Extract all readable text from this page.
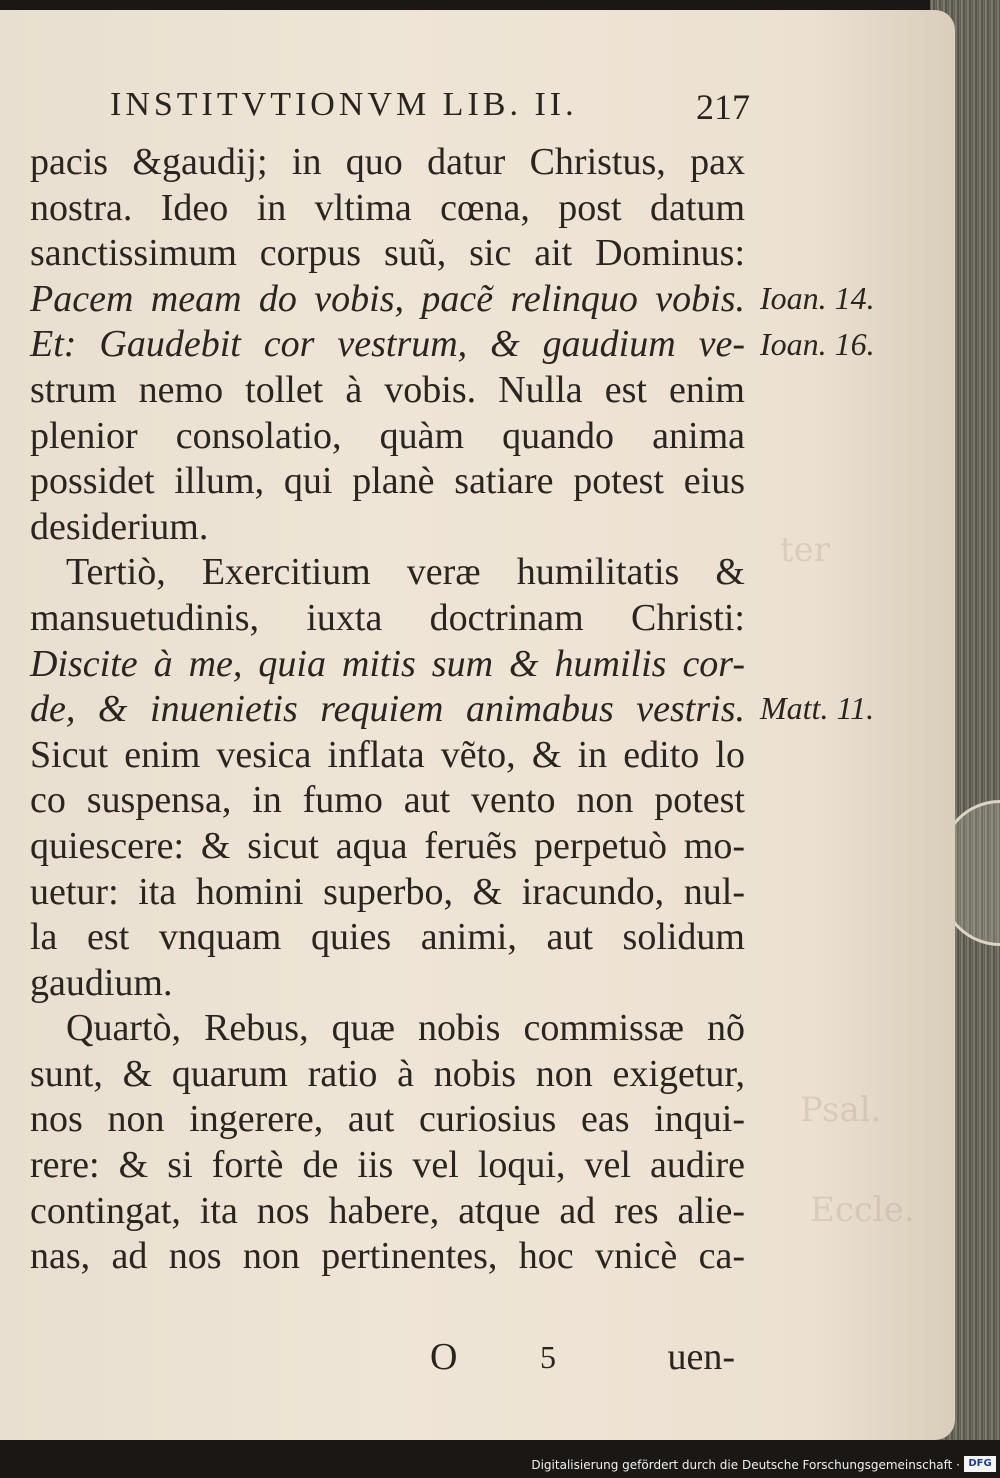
ter
Psal.
Eccle.
INSTITVTIONVM LIB. II.	217
pacis &gaudij; in quo datur Christus, pax
nostra. Ideo in vltima cœna, post datum
sanctissimum corpus suũ, sic ait Dominus:
Pacem meam do vobis, pacẽ relinquo vobis.
Et: Gaudebit cor vestrum, & gaudium ve-
strum nemo tollet à vobis. Nulla est enim
plenior consolatio, quàm quando anima
possidet illum, qui planè satiare potest eius
desiderium.
Tertiò, Exercitium veræ humilitatis &
mansuetudinis, iuxta doctrinam Christi:
Discite à me, quia mitis sum & humilis cor-
de, & inuenietis requiem animabus vestris.
Sicut enim vesica inflata vẽto, & in edito lo
co suspensa, in fumo aut vento non potest
quiescere: & sicut aqua feruẽs perpetuò mo-
uetur: ita homini superbo, & iracundo, nul-
la est vnquam quies animi, aut solidum
gaudium.
Quartò, Rebus, quæ nobis commissæ nõ
sunt, & quarum ratio à nobis non exigetur,
nos non ingerere, aut curiosius eas inqui-
rere: & si fortè de iis vel loqui, vel audire
contingat, ita nos habere, atque ad res alie-
nas, ad nos non pertinentes, hoc vnicè ca-
Ioan. 14.
Ioan. 16.
Matt. 11.
O	5	uen-
Digitalisierung gefördert durch die Deutsche Forschungsgemeinschaft · DFG
